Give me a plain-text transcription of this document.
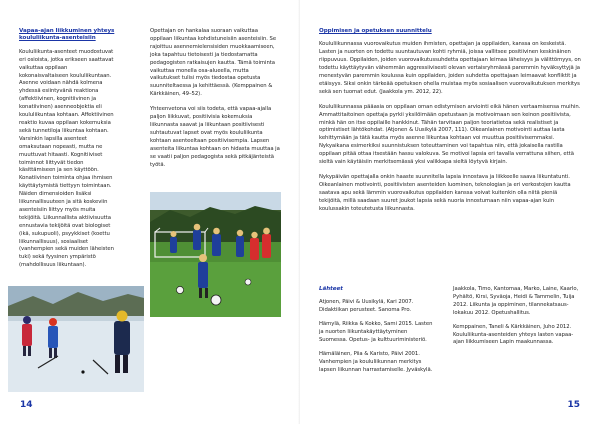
Vapaa-ajan liikkuminen yhteys koululiikunta-asenteisiin

Koululiikunta-asenteet muodostuvat eri osioista, jotka erikseen saattavat vaikuttaa oppilaan kokonaisvaltaiseen koululiikuntaan. Asenne voidaan nähdä kolmena yhdessä esiintyvänä reaktiona (affektiivinen, kognitiivinen ja konatiivinen) asenneobjektia eli koululiikuntaa kohtaan. Affektiivinen reaktio kuvaa oppilaan kokemuksia sekä tunnetiloja liikuntaa kohtaan. Varsinkin lapsilla asenteet omaksutaan nopeasti, mutta ne muuttuvat hitaasti. Kognitiiviset toiminnot liittyvät tiedon käsittämiseen ja sen käyttöön. Konatiivinen toiminta ohjaa ihmisen käyttäytymistä tiettyyn toimintaan. Näiden dimensioiden lisäksi liikunnallisuuteen ja sitä koskeviin asenteisiin liittyy myös muita tekijöitä. Liikunnallista aktiivisuutta ennustavia tekijöitä ovat biologiset (ikä, sukupuoli), psyykkiset (koettu liikunnallisuus), sosiaaliset (vanhempien sekä muiden läheisten tuki) sekä fyysinen ympäristö (mahdollisuus liikuntaan).

Opettajan on hankalaa suoraan vaikuttaa oppilaan liikuntaa kohdistuneisiin asenteisiin. Se rajoittuu asennemielensisiden muokkaamiseen, joka tapahtuu tietoisesti ja tiedostamatta pedagogisten ratkaisujen kautta. Tämä toiminta vaikuttaa monella osa-alueella, mutta vaikutukset tulisi myös tiedostaa opetusta suunniteltaessa ja kehittäessä. (Kemppainen & Kärkkäinen, 49–52).

Yhteenvetona voi siis todeta, että vapaa-ajalla paljon liikkuvat, positiivisia kokemuksia liikunnasta saavat ja liikuntaan positiivisesti suhtautuvat lapset ovat myös koululiikunta kohtaan asenteeltaan positiivisempia. Lapsen asenteita liikuntaa kohtaan on hidasta muuttaa ja se vaatii paljon pedagogista sekä pitkäjänteistä työtä.

14
Oppimisen ja opetuksen suunnittelu

Koululiikunnassa vuorovaikutus muiden ihmisten, opettajan ja oppilaiden, kanssa on keskeistä. Lasten ja nuorten on todettu suuntautuvan kohti ryhmiä, joissa vallitsee positiivinen keskinäinen riippuvuus. Oppilaiden, joiden vuorovaikutussuhdetta opettajaan leimaa läheisyys ja välittömyys, on todettu käyttäytyvän vähemmän aggressiivisesti olevan vertaisryhmässä paremmin hyväksyttyjä ja menestyvän paremmin koulussa kuin oppilaiden, joiden suhdetta opettajaan leimaavat konfliktit ja etäisyys. Siksi onkin tärkeää opetuksen ohella muistaa myös sosiaalisen vuorovaikutuksen merkitys sekä sen tuomat edut. (Jaakkola ym. 2012, 22).

Koululiikunnassa pääasia on oppilaan oman edistymisen arviointi eikä hänen vertaamisensa muihin. Ammattitaitoinen opettaja pyrkii yksilöimään opetustaan ja motivoimaan sen keinon positiivista, minkä hän on itse oppilaille hankkinut. Tähän tarvitaan paljon teoriatietoa sekä realistiset ja optimistiset lähtökohdat. (Atjonen & Uusikylä 2007, 111). Oikeanlainen motivointi auttaa lasta kehittymään ja tätä kautta myös asenne liikuntaa kohtaan voi muuttua positiivisemmaksi. Nykyaikana esimerkiksi suunnistuksen toteuttaminen voi tapahtua niin, että jokaisella rastilla oppilaan pitää ottaa itsestään hassu valokuva. Se motivoi lapsia eri tavalla verrattuna siihen, että sieltä vain käytäisiin merkitsemässä yksi valikkapa sieltä löytyvä kirjain.

Nykypäivän opettajalla onkin haaste suunnitella lapsia innostava ja liikkeelle saava liikuntatunti. Oikeanlainen motivointi, positiivisten asenteiden luominen, teknologian ja eri verkostojen kautta saatava apu sekä lämmin vuorovaikutus oppilaiden kanssa voivat kuitenkin olla niitä pieniä tekijöitä, millä saadaan suuret joukot lapsia sekä nuoria innostumaan niin vapaa-ajan kuin koulussakin toteutetusta liikunnasta.

Lähteet

Atjonen, Päivi & Uusikylä, Kari 2007. Didaktiikan perusteet. Sanoma Pro.

Hämylä, Riikka & Kokko, Sami 2015. Lasten ja nuorten liikuntakäyttäytyminen Suomessa. Opetus- ja kulttuuriministeriö.

Hämäläinen, Piia & Karisto, Päivi 2001. Vanhempien ja koululiikunnan merkitys lapsen liikunnan harrastamiselle. Jyväskylä.

Jaakkola, Timo, Kantomaa, Marko, Laine, Kaarlo, Pyhältö, Kirsi, Syväoja, Heidi & Tammelin, Tuija 2012. Liikunta ja oppiminen, tilannekatsaus- lokakuu 2012. Opetushallitus.

Kemppainen, Taneli & Kärkkäinen, Juho 2012. Koululiikunta-asenteiden yhteys lasten vapaa-ajan liikkumiseen Lapin maakunnassa.

15
